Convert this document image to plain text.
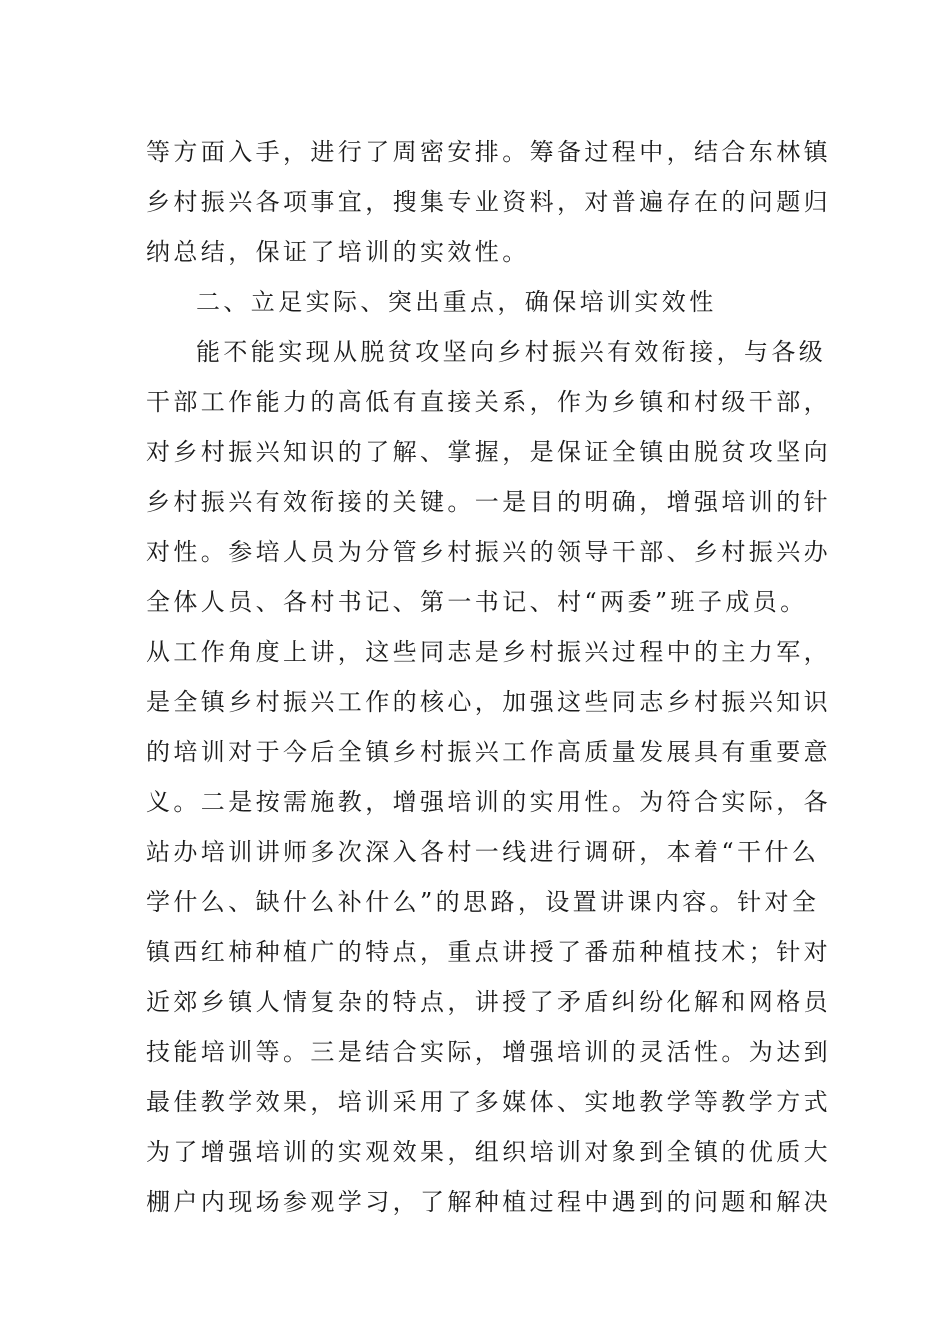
等方面入手，进行了周密安排。筹备过程中，结合东林镇
乡村振兴各项事宜，搜集专业资料，对普遍存在的问题归
纳总结，保证了培训的实效性。
二、立足实际、突出重点，确保培训实效性
能不能实现从脱贫攻坚向乡村振兴有效衔接，与各级
干部工作能力的高低有直接关系，作为乡镇和村级干部，
对乡村振兴知识的了解、掌握，是保证全镇由脱贫攻坚向
乡村振兴有效衔接的关键。一是目的明确，增强培训的针
对性。参培人员为分管乡村振兴的领导干部、乡村振兴办
全体人员、各村书记、第一书记、村“两委”班子成员。
从工作角度上讲，这些同志是乡村振兴过程中的主力军，
是全镇乡村振兴工作的核心，加强这些同志乡村振兴知识
的培训对于今后全镇乡村振兴工作高质量发展具有重要意
义。二是按需施教，增强培训的实用性。为符合实际，各
站办培训讲师多次深入各村一线进行调研，本着“干什么
学什么、缺什么补什么”的思路，设置讲课内容。针对全
镇西红柿种植广的特点，重点讲授了番茄种植技术；针对
近郊乡镇人情复杂的特点，讲授了矛盾纠纷化解和网格员
技能培训等。三是结合实际，增强培训的灵活性。为达到
最佳教学效果，培训采用了多媒体、实地教学等教学方式
为了增强培训的实观效果，组织培训对象到全镇的优质大
棚户内现场参观学习，了解种植过程中遇到的问题和解决
